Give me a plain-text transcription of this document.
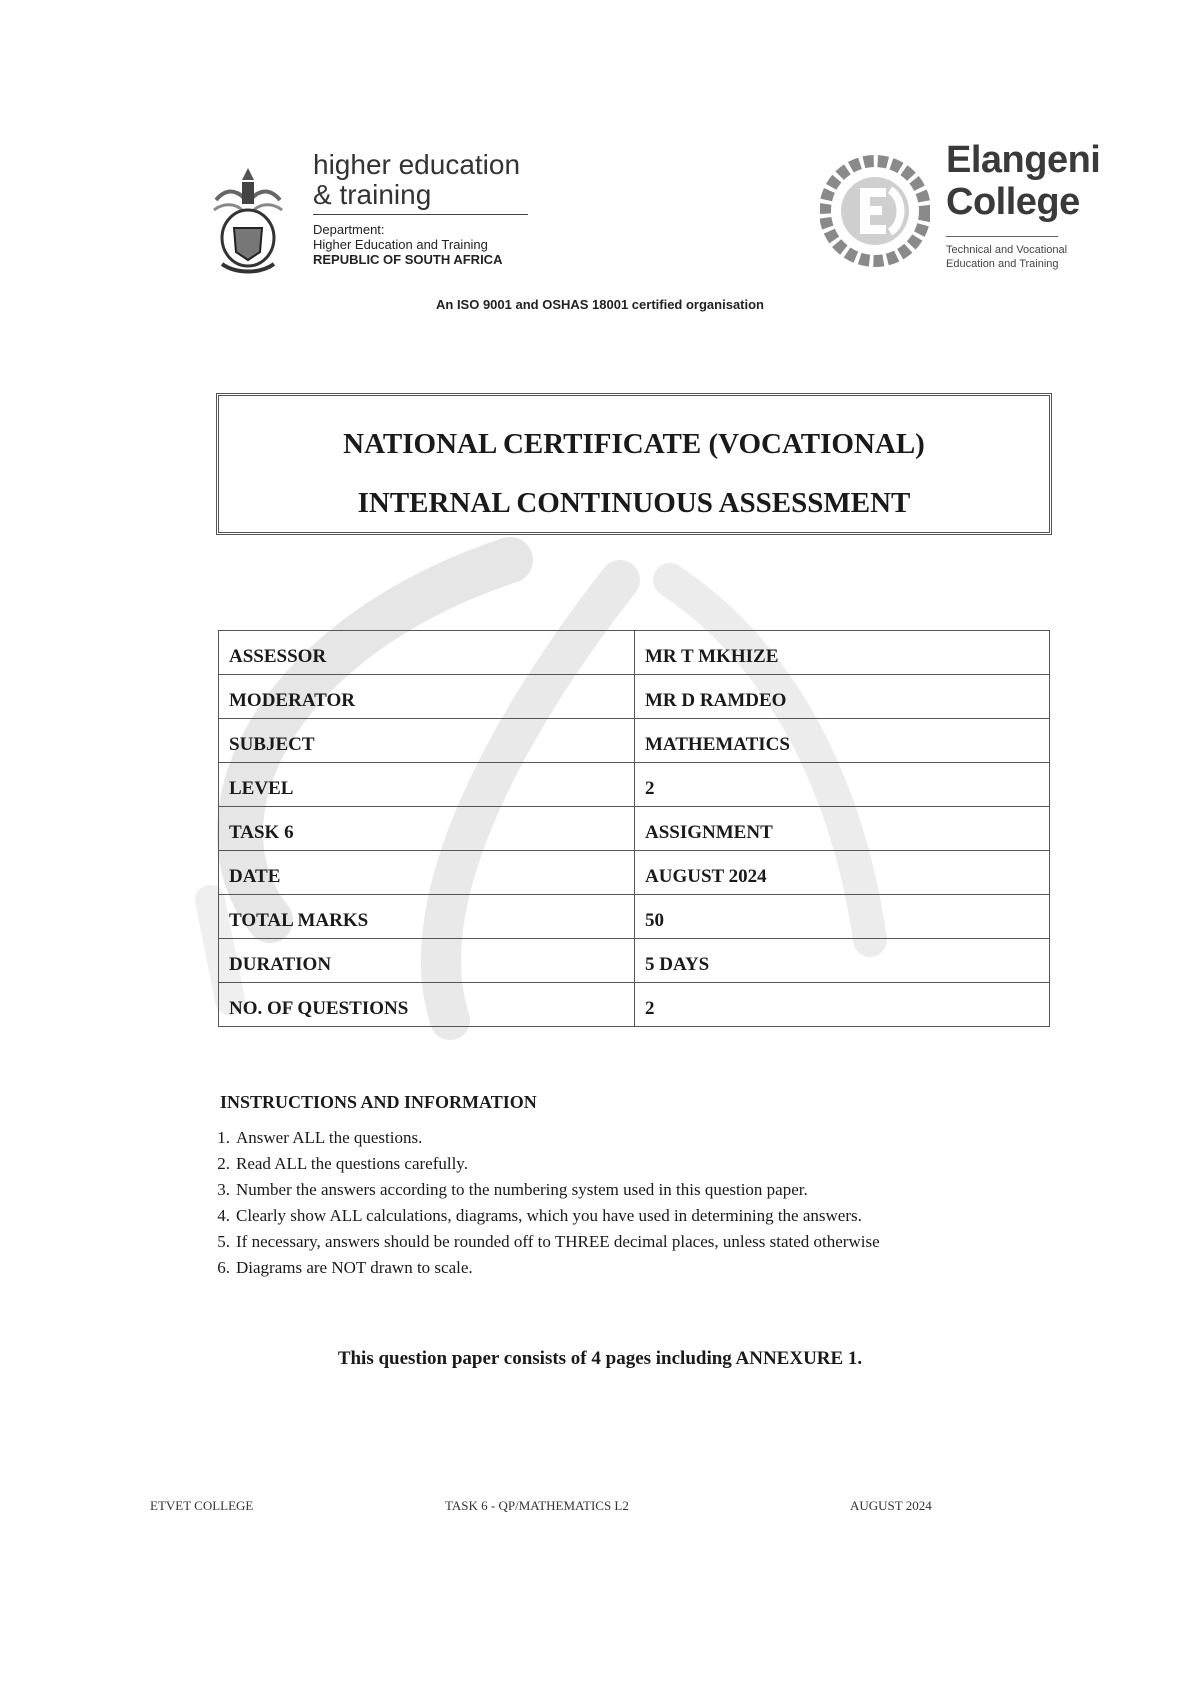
higher education
& training
Department:
Higher Education and Training
REPUBLIC OF SOUTH AFRICA
Elangeni
College
Technical and Vocational
Education and Training
An ISO 9001 and OSHAS 18001 certified organisation
NATIONAL CERTIFICATE (VOCATIONAL)
INTERNAL CONTINUOUS ASSESSMENT
ASSESSOR	MR T MKHIZE
MODERATOR	MR D RAMDEO
SUBJECT	MATHEMATICS
LEVEL	2
TASK 6	ASSIGNMENT
DATE	AUGUST 2024
TOTAL MARKS	50
DURATION	5 DAYS
NO. OF QUESTIONS	2
INSTRUCTIONS AND INFORMATION
1. Answer ALL the questions.
2. Read ALL the questions carefully.
3. Number the answers according to the numbering system used in this question paper.
4. Clearly show ALL calculations, diagrams, which you have used in determining the answers.
5. If necessary, answers should be rounded off to THREE decimal places, unless stated otherwise
6. Diagrams are NOT drawn to scale.
This question paper consists of 4 pages including ANNEXURE 1.
ETVET COLLEGE	TASK 6 - QP/MATHEMATICS L2	AUGUST 2024
